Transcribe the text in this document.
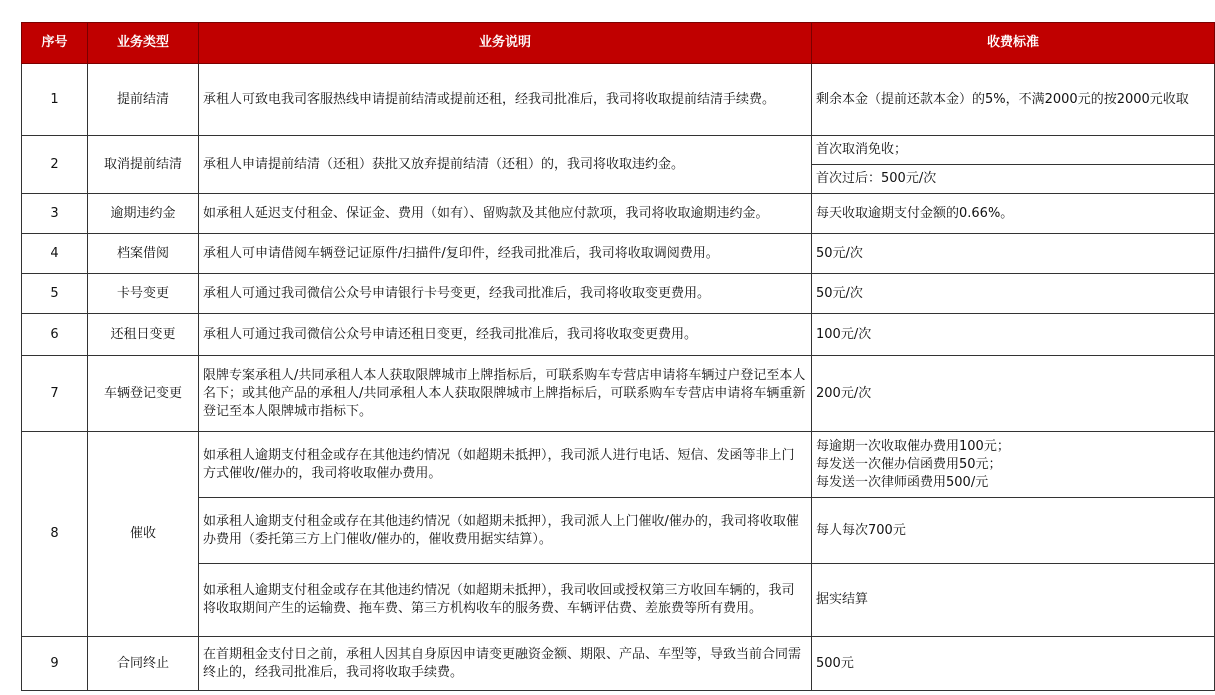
序号	业务类型	业务说明	收费标准
1	提前结清	承租人可致电我司客服热线申请提前结清或提前还租，经我司批准后，我司将收取提前结清手续费。	剩余本金（提前还款本金）的5%，不满2000元的按2000元收取
2	取消提前结清	承租人申请提前结清（还租）获批又放弃提前结清（还租）的，我司将收取违约金。	首次取消免收；
			首次过后：500元/次
3	逾期违约金	如承租人延迟支付租金、保证金、费用（如有）、留购款及其他应付款项，我司将收取逾期违约金。	每天收取逾期支付金额的0.66%。
4	档案借阅	承租人可申请借阅车辆登记证原件/扫描件/复印件，经我司批准后，我司将收取调阅费用。	50元/次
5	卡号变更	承租人可通过我司微信公众号申请银行卡号变更，经我司批准后，我司将收取变更费用。	50元/次
6	还租日变更	承租人可通过我司微信公众号申请还租日变更，经我司批准后，我司将收取变更费用。	100元/次
7	车辆登记变更	限牌专案承租人/共同承租人本人获取限牌城市上牌指标后，可联系购车专营店申请将车辆过户登记至本人名下；或其他产品的承租人/共同承租人本人获取限牌城市上牌指标后，可联系购车专营店申请将车辆重新登记至本人限牌城市指标下。	200元/次
8	催收	如承租人逾期支付租金或存在其他违约情况（如超期未抵押），我司派人进行电话、短信、发函等非上门方式催收/催办的，我司将收取催办费用。	每逾期一次收取催办费用100元；
每发送一次催办信函费用50元；
每发送一次律师函费用500/元

		如承租人逾期支付租金或存在其他违约情况（如超期未抵押），我司派人上门催收/催办的，我司将收取催办费用（委托第三方上门催收/催办的，催收费用据实结算）。	每人每次700元
		如承租人逾期支付租金或存在其他违约情况（如超期未抵押），我司收回或授权第三方收回车辆的，我司将收取期间产生的运输费、拖车费、第三方机构收车的服务费、车辆评估费、差旅费等所有费用。	据实结算
9	合同终止	在首期租金支付日之前，承租人因其自身原因申请变更融资金额、期限、产品、车型等，导致当前合同需终止的，经我司批准后，我司将收取手续费。	500元
